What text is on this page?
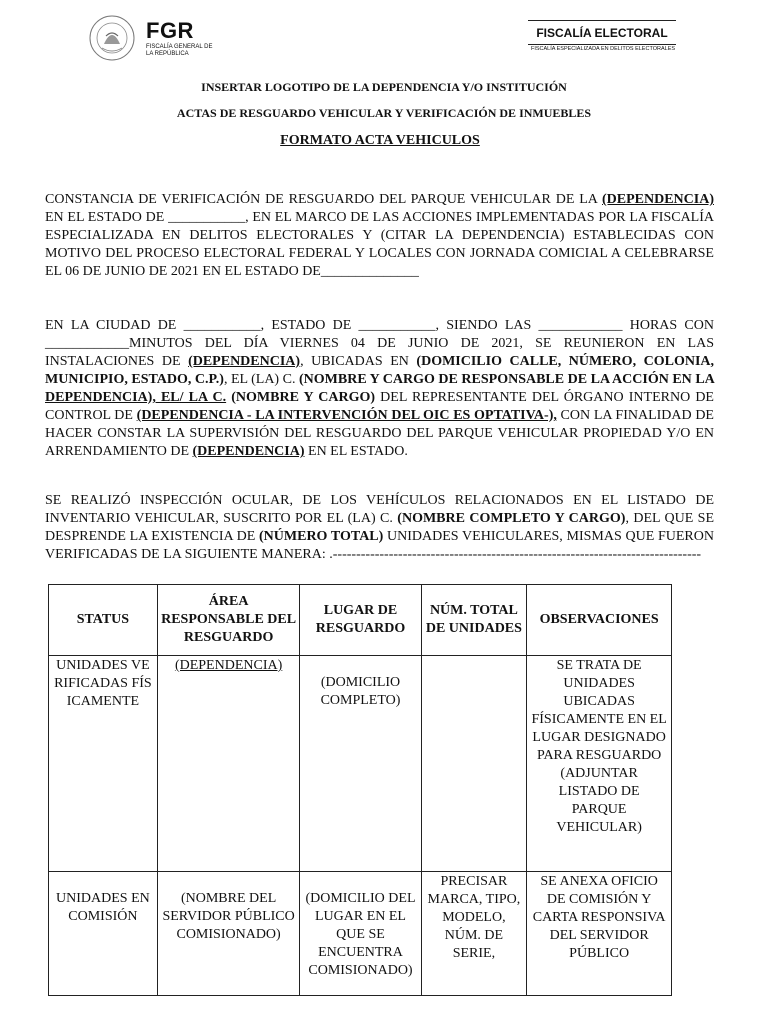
FGR
FISCALÍA GENERAL DE LA REPÚBLICA
FISCALÍA ELECTORAL
FISCALÍA ESPECIALIZADA EN DELITOS ELECTORALES
INSERTAR LOGOTIPO DE LA DEPENDENCIA Y/O INSTITUCIÓN
ACTAS DE RESGUARDO VEHICULAR Y VERIFICACIÓN DE INMUEBLES
FORMATO ACTA VEHICULOS
CONSTANCIA DE VERIFICACIÓN DE RESGUARDO DEL PARQUE VEHICULAR DE LA (DEPENDENCIA) EN EL ESTADO DE ___________, EN EL MARCO DE LAS ACCIONES IMPLEMENTADAS POR LA FISCALÍA ESPECIALIZADA EN DELITOS ELECTORALES Y (CITAR LA DEPENDENCIA) ESTABLECIDAS CON MOTIVO DEL PROCESO ELECTORAL FEDERAL Y LOCALES CON JORNADA COMICIAL A CELEBRARSE EL 06 DE JUNIO DE 2021 EN EL ESTADO DE______________
EN LA CIUDAD DE ___________, ESTADO DE ___________, SIENDO LAS ____________ HORAS CON ____________MINUTOS DEL DÍA VIERNES 04 DE JUNIO DE 2021, SE REUNIERON EN LAS INSTALACIONES DE (DEPENDENCIA), UBICADAS EN (DOMICILIO CALLE, NÚMERO, COLONIA, MUNICIPIO, ESTADO, C.P.), EL (LA) C. (NOMBRE Y CARGO DE RESPONSABLE DE LA ACCIÓN EN LA DEPENDENCIA), EL/ LA C. (NOMBRE Y CARGO) DEL REPRESENTANTE DEL ÓRGANO INTERNO DE CONTROL DE (DEPENDENCIA - LA INTERVENCIÓN DEL OIC ES OPTATIVA-), CON LA FINALIDAD DE HACER CONSTAR LA SUPERVISIÓN DEL RESGUARDO DEL PARQUE VEHICULAR PROPIEDAD Y/O EN ARRENDAMIENTO DE (DEPENDENCIA) EN EL ESTADO.
SE REALIZÓ INSPECCIÓN OCULAR, DE LOS VEHÍCULOS RELACIONADOS EN EL LISTADO DE INVENTARIO VEHICULAR, SUSCRITO POR EL (LA) C. (NOMBRE COMPLETO Y CARGO), DEL QUE SE DESPRENDE LA EXISTENCIA DE (NÚMERO TOTAL) UNIDADES VEHICULARES, MISMAS QUE FUERON VERIFICADAS DE LA SIGUIENTE MANERA: .-------------------------------------------------------------------------------
STATUS	ÁREA RESPONSABLE DEL RESGUARDO	LUGAR DE RESGUARDO	NÚM. TOTAL DE UNIDADES	OBSERVACIONES
UNIDADES VERIFICADAS FÍSICAMENTE	(DEPENDENCIA)	(DOMICILIO COMPLETO)		SE TRATA DE UNIDADES UBICADAS FÍSICAMENTE EN EL LUGAR DESIGNADO PARA RESGUARDO (ADJUNTAR LISTADO DE PARQUE VEHICULAR)
UNIDADES EN COMISIÓN	(NOMBRE DEL SERVIDOR PÚBLICO COMISIONADO)	(DOMICILIO DEL LUGAR EN EL QUE SE ENCUENTRA COMISIONADO)	PRECISAR MARCA, TIPO, MODELO, NÚM. DE SERIE,	SE ANEXA OFICIO DE COMISIÓN Y CARTA RESPONSIVA DEL SERVIDOR PÚBLICO
